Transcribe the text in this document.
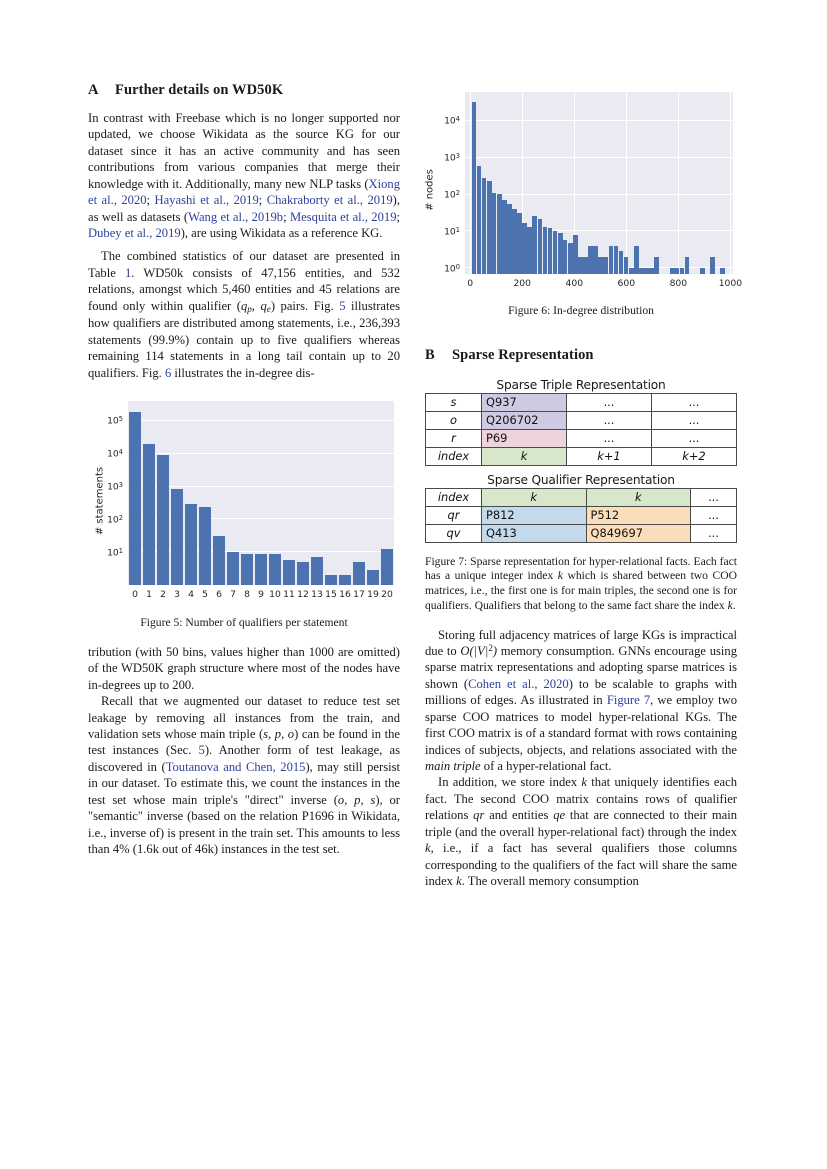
A Further details on WD50K

In contrast with Freebase which is no longer supported nor updated, we choose Wikidata as the source KG for our dataset since it has an active community and has seen contributions from various companies that merge their knowledge with it. Additionally, many new NLP tasks (Xiong et al., 2020; Hayashi et al., 2019; Chakraborty et al., 2019), as well as datasets (Wang et al., 2019b; Mesquita et al., 2019; Dubey et al., 2019), are using Wikidata as a reference KG.

The combined statistics of our dataset are presented in Table 1. WD50k consists of 47,156 entities, and 532 relations, amongst which 5,460 entities and 45 relations are found only within qualifier ($q_p$, $q_e$) pairs. Fig. 5 illustrates how qualifiers are distributed among statements, i.e., 236,393 statements (99.9%) contain up to five qualifiers whereas remaining 114 statements in a long tail contain up to 20 qualifiers. Fig. 6 illustrates the in-degree dis-

# statements
$10^1$
$10^2$
$10^3$
$10^4$
$10^5$
0 1 2 3 4 5 6 7 8 9 10 11 12 13 15 16 17 19 20

Figure 5: Number of qualifiers per statement

tribution (with 50 bins, values higher than 1000 are omitted) of the WD50K graph structure where most of the nodes have in-degrees up to 200.

Recall that we augmented our dataset to reduce test set leakage by removing all instances from the train, and validation sets whose main triple (s, p, o) can be found in the test instances (Sec. 5). Another form of test leakage, as discovered in (Toutanova and Chen, 2015), may still persist in our dataset. To estimate this, we count the instances in the test set whose main triple's "direct" inverse (o, p, s), or "semantic" inverse (based on the relation P1696 in Wikidata, i.e., inverse of) is present in the train set. This amounts to less than 4% (1.6k out of 46k) instances in the test set.

# nodes
$10^0$
$10^1$
$10^2$
$10^3$
$10^4$
0	200	400	600	800	1000

Figure 6: In-degree distribution

B Sparse Representation
Sparse Triple Representation
s	Q937	...	...
o	Q206702	...	...
r	P69	...	...
index	k	k+1	k+2
Sparse Qualifier Representation
index	k	k	...
qr	P812	P512	...
qv	Q413	Q849697	...

Figure 7: Sparse representation for hyper-relational facts. Each fact has a unique integer index k which is shared between two COO matrices, i.e., the first one is for main triples, the second one is for qualifiers. Qualifiers that belong to the same fact share the index k.

Storing full adjacency matrices of large KGs is impractical due to $O(|V|^2)$ memory consumption. GNNs encourage using sparse matrix representations and adopting sparse matrices is shown (Cohen et al., 2020) to be scalable to graphs with millions of edges. As illustrated in Figure 7, we employ two sparse COO matrices to model hyper-relational KGs. The first COO matrix is of a standard format with rows containing indices of subjects, objects, and relations associated with the main triple of a hyper-relational fact.

In addition, we store index k that uniquely identifies each fact. The second COO matrix contains rows of qualifier relations qr and entities qe that are connected to their main triple (and the overall hyper-relational fact) through the index k, i.e., if a fact has several qualifiers those columns corresponding to the qualifiers of the fact will share the same index k. The overall memory consumption
